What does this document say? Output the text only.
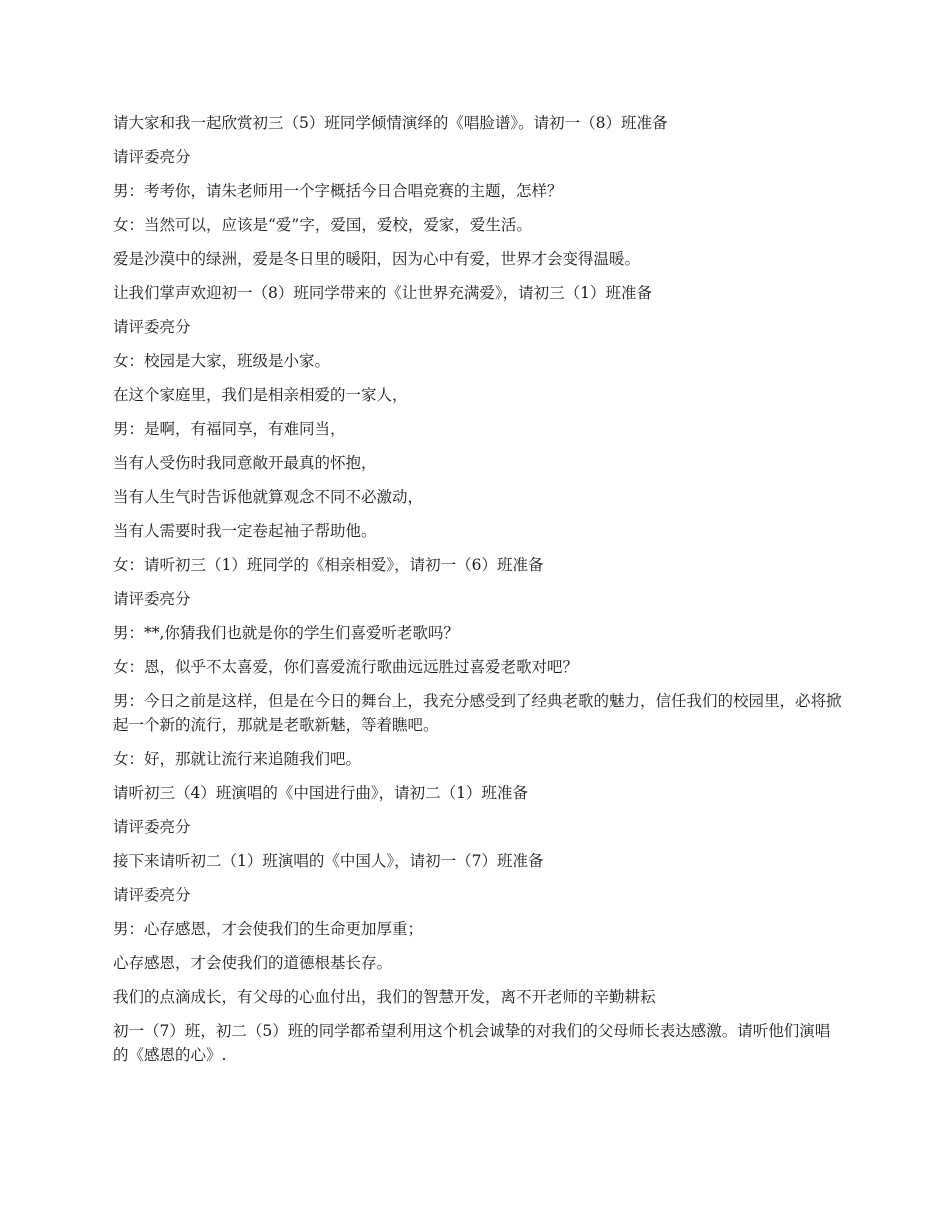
请大家和我一起欣赏初三（5）班同学倾情演绎的《唱脸谱》。请初一（8）班准备

请评委亮分

男：考考你，请朱老师用一个字概括今日合唱竞赛的主题，怎样？

女：当然可以，应该是“爱”字，爱国，爱校，爱家，爱生活。

爱是沙漠中的绿洲，爱是冬日里的暖阳，因为心中有爱，世界才会变得温暖。

让我们掌声欢迎初一（8）班同学带来的《让世界充满爱》，请初三（1）班准备

请评委亮分

女：校园是大家，班级是小家。

在这个家庭里，我们是相亲相爱的一家人，

男：是啊，有福同享，有难同当，

当有人受伤时我同意敞开最真的怀抱，

当有人生气时告诉他就算观念不同不必激动，

当有人需要时我一定卷起袖子帮助他。

女：请听初三（1）班同学的《相亲相爱》，请初一（6）班准备

请评委亮分

男：**,你猜我们也就是你的学生们喜爱听老歌吗？

女：恩，似乎不太喜爱，你们喜爱流行歌曲远远胜过喜爱老歌对吧？

男：今日之前是这样，但是在今日的舞台上，我充分感受到了经典老歌的魅力，信任我们的校园里，必将掀起一个新的流行，那就是老歌新魅，等着瞧吧。

女：好，那就让流行来追随我们吧。

请听初三（4）班演唱的《中国进行曲》，请初二（1）班准备

请评委亮分

接下来请听初二（1）班演唱的《中国人》，请初一（7）班准备

请评委亮分

男：心存感恩，才会使我们的生命更加厚重；

心存感恩，才会使我们的道德根基长存。

我们的点滴成长，有父母的心血付出，我们的智慧开发，离不开老师的辛勤耕耘

初一（7）班，初二（5）班的同学都希望利用这个机会诚挚的对我们的父母师长表达感激。请听他们演唱的《感恩的心》.
